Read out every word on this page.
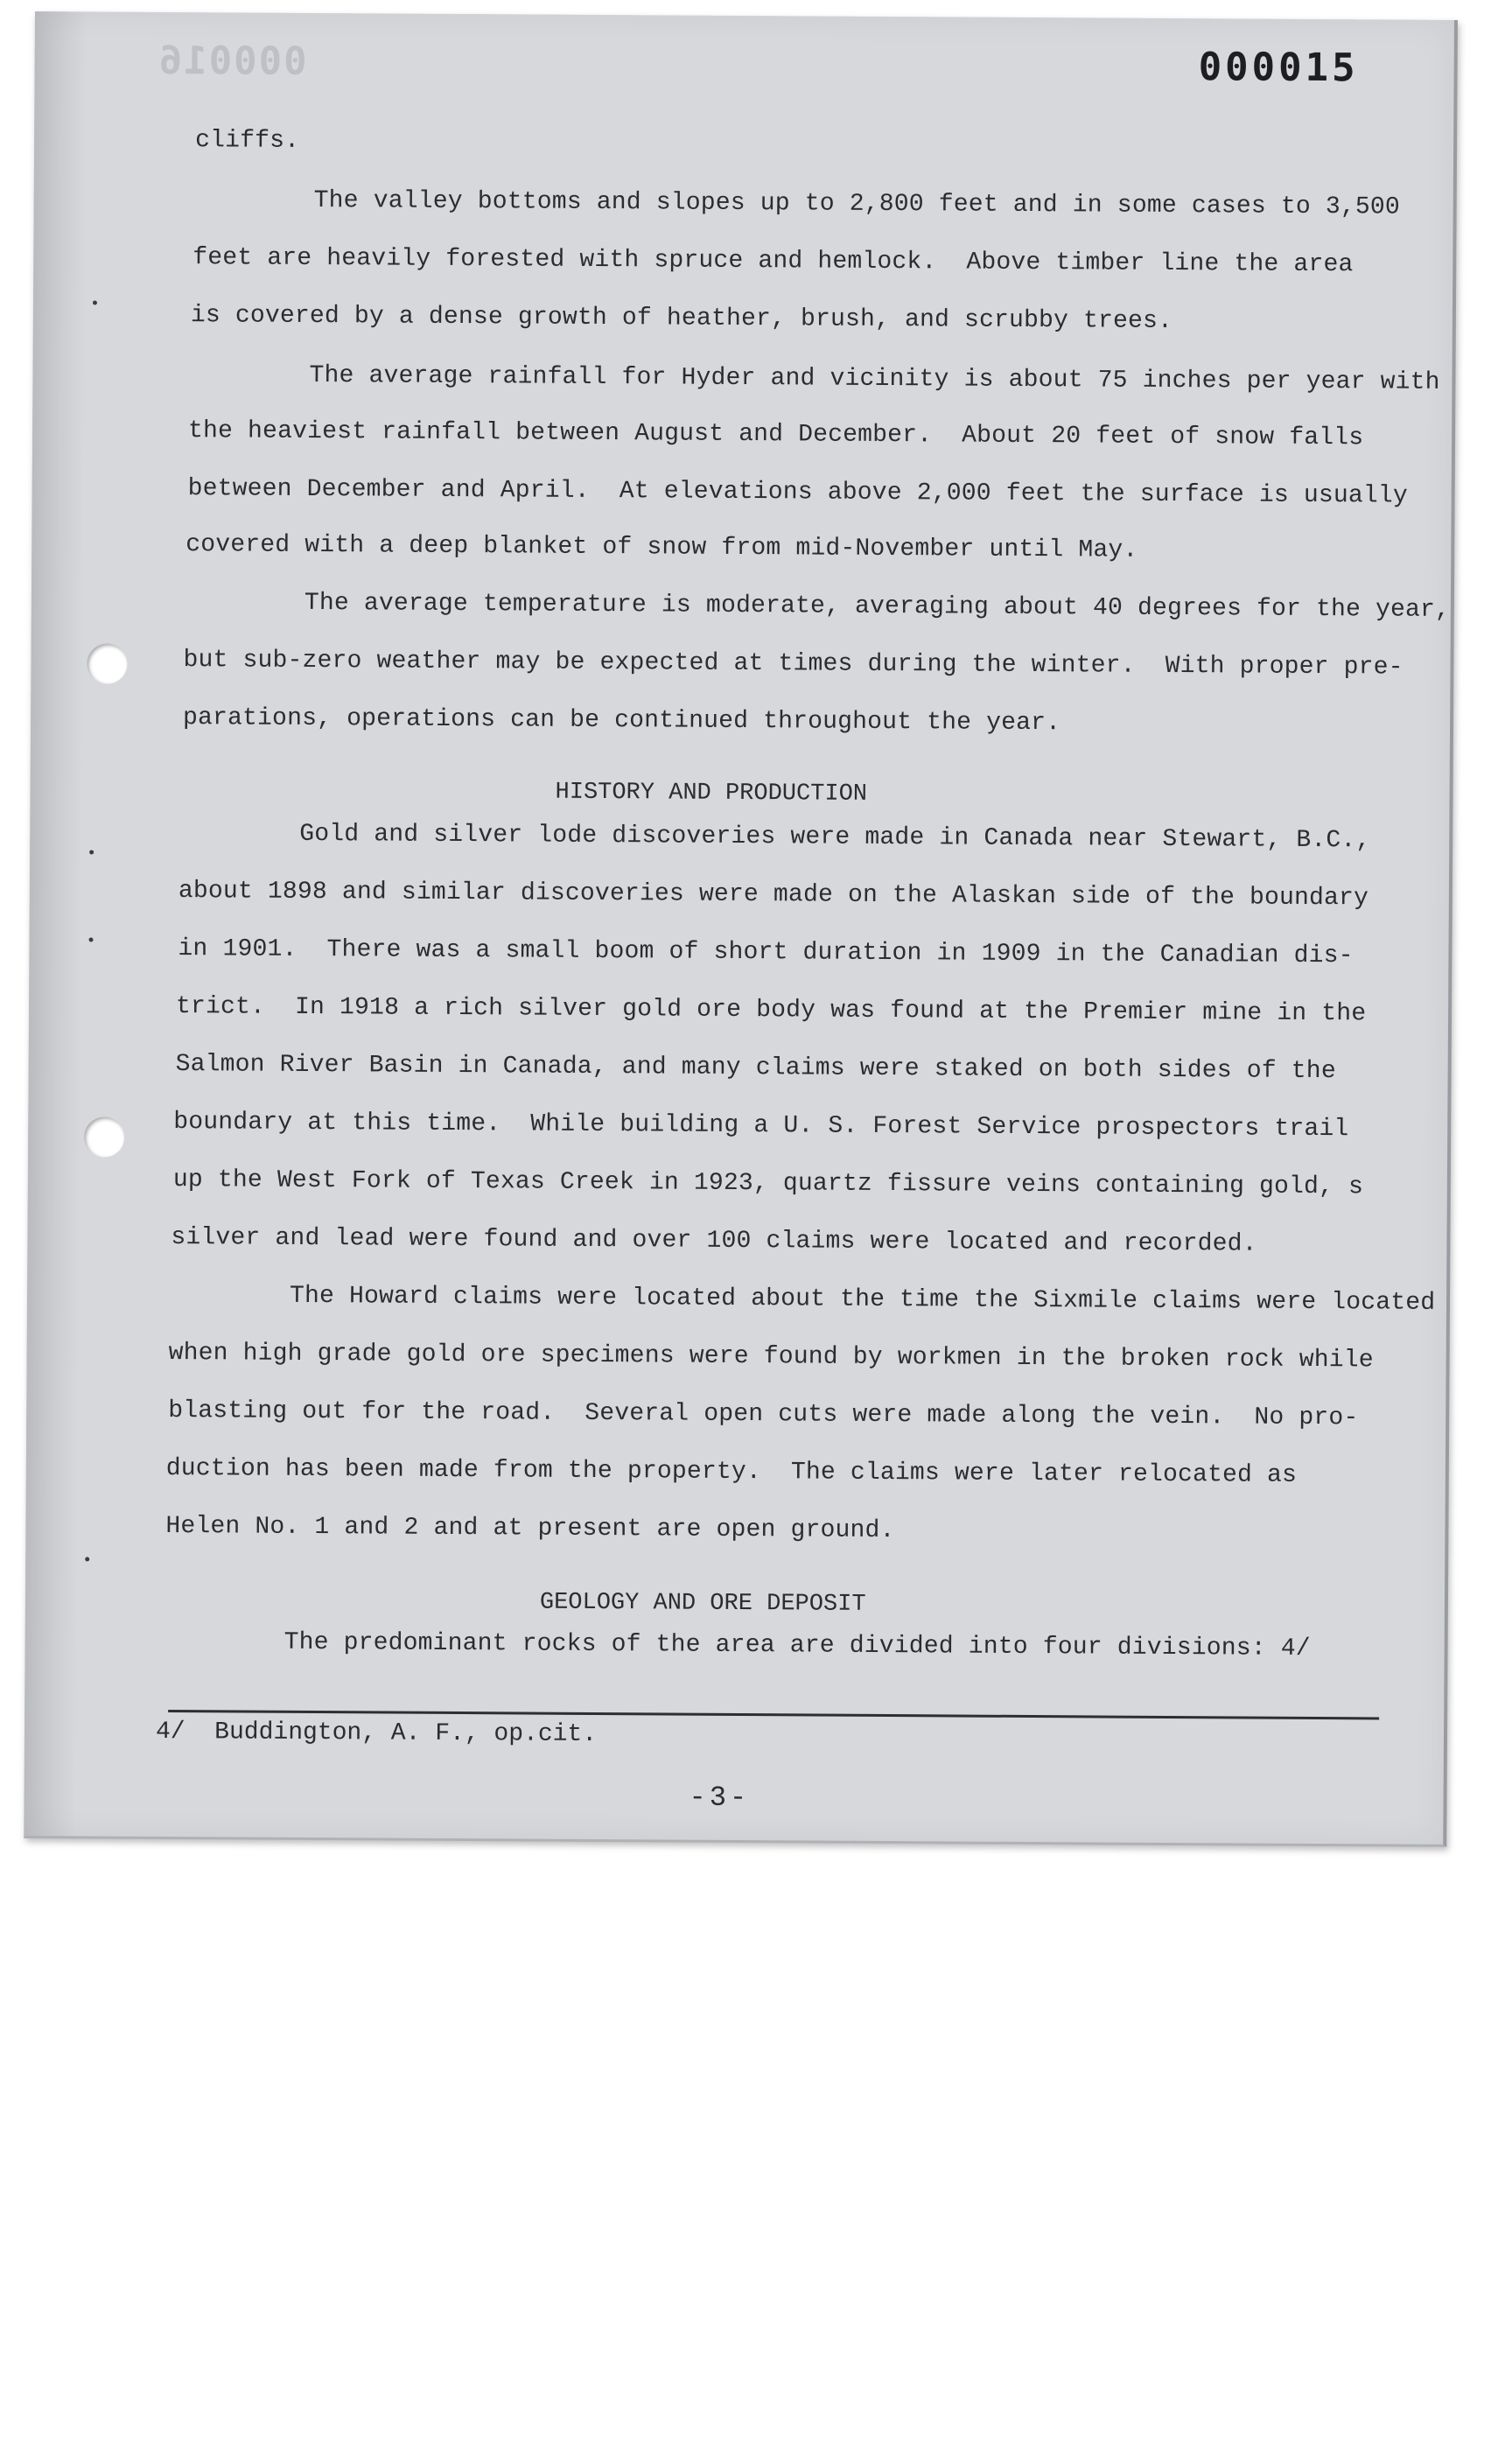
000016	000015
cliffs.
The valley bottoms and slopes up to 2,800 feet and in some cases to 3,500
feet are heavily forested with spruce and hemlock.  Above timber line the area
is covered by a dense growth of heather, brush, and scrubby trees.
The average rainfall for Hyder and vicinity is about 75 inches per year with
the heaviest rainfall between August and December.  About 20 feet of snow falls
between December and April.  At elevations above 2,000 feet the surface is usually
covered with a deep blanket of snow from mid-November until May.
The average temperature is moderate, averaging about 40 degrees for the year,
but sub-zero weather may be expected at times during the winter.  With proper pre-
parations, operations can be continued throughout the year.
HISTORY AND PRODUCTION
Gold and silver lode discoveries were made in Canada near Stewart, B.C.,
about 1898 and similar discoveries were made on the Alaskan side of the boundary
in 1901.  There was a small boom of short duration in 1909 in the Canadian dis-
trict.  In 1918 a rich silver gold ore body was found at the Premier mine in the
Salmon River Basin in Canada, and many claims were staked on both sides of the
boundary at this time.  While building a U. S. Forest Service prospectors trail
up the West Fork of Texas Creek in 1923, quartz fissure veins containing gold, s
silver and lead were found and over 100 claims were located and recorded.
The Howard claims were located about the time the Sixmile claims were located
when high grade gold ore specimens were found by workmen in the broken rock while
blasting out for the road.  Several open cuts were made along the vein.  No pro-
duction has been made from the property.  The claims were later relocated as
Helen No. 1 and 2 and at present are open ground.
GEOLOGY AND ORE DEPOSIT
The predominant rocks of the area are divided into four divisions: 4/
4/  Buddington, A. F., op.cit.
-3-
